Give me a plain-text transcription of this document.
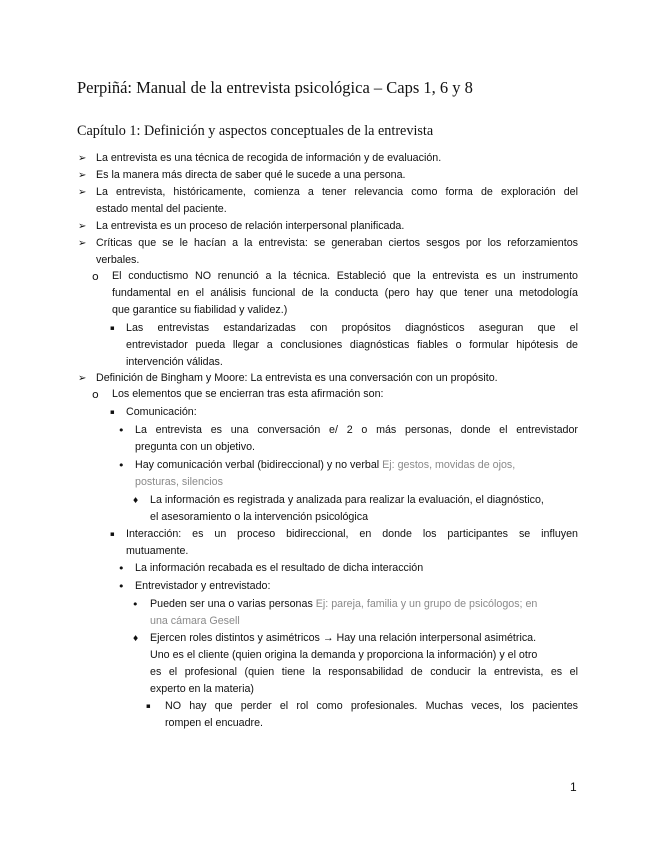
Perpiñá: Manual de la entrevista psicológica – Caps 1, 6 y 8
Capítulo 1: Definición y aspectos conceptuales de la entrevista
➢ La entrevista es una técnica de recogida de información y de evaluación.
➢ Es la manera más directa de saber qué le sucede a una persona.
➢ La entrevista, históricamente, comienza a tener relevancia como forma de exploración del
estado mental del paciente.
➢ La entrevista es un proceso de relación interpersonal planificada.
➢ Críticas que se le hacían a la entrevista: se generaban ciertos sesgos por los reforzamientos
verbales.
o El conductismo NO renunció a la técnica. Estableció que la entrevista es un instrumento
fundamental en el análisis funcional de la conducta (pero hay que tener una metodología
que garantice su fiabilidad y validez.)
▪ Las entrevistas estandarizadas con propósitos diagnósticos aseguran que el
entrevistador pueda llegar a conclusiones diagnósticas fiables o formular hipótesis de
intervención válidas.
➢ Definición de Bingham y Moore: La entrevista es una conversación con un propósito.
o Los elementos que se encierran tras esta afirmación son:
▪ Comunicación:
• La entrevista es una conversación e/ 2 o más personas, donde el entrevistador
pregunta con un objetivo.
• Hay comunicación verbal (bidireccional) y no verbal Ej: gestos, movidas de ojos,
posturas, silencios
♦ La información es registrada y analizada para realizar la evaluación, el diagnóstico,
el asesoramiento o la intervención psicológica
▪ Interacción: es un proceso bidireccional, en donde los participantes se influyen
mutuamente.
• La información recabada es el resultado de dicha interacción
• Entrevistador y entrevistado:
• Pueden ser una o varias personas Ej: pareja, familia y un grupo de psicólogos; en
una cámara Gesell
♦ Ejercen roles distintos y asimétricos → Hay una relación interpersonal asimétrica.
Uno es el cliente (quien origina la demanda y proporciona la información) y el otro
es el profesional (quien tiene la responsabilidad de conducir la entrevista, es el
experto en la materia)
▪ NO hay que perder el rol como profesionales. Muchas veces, los pacientes
rompen el encuadre.
1
